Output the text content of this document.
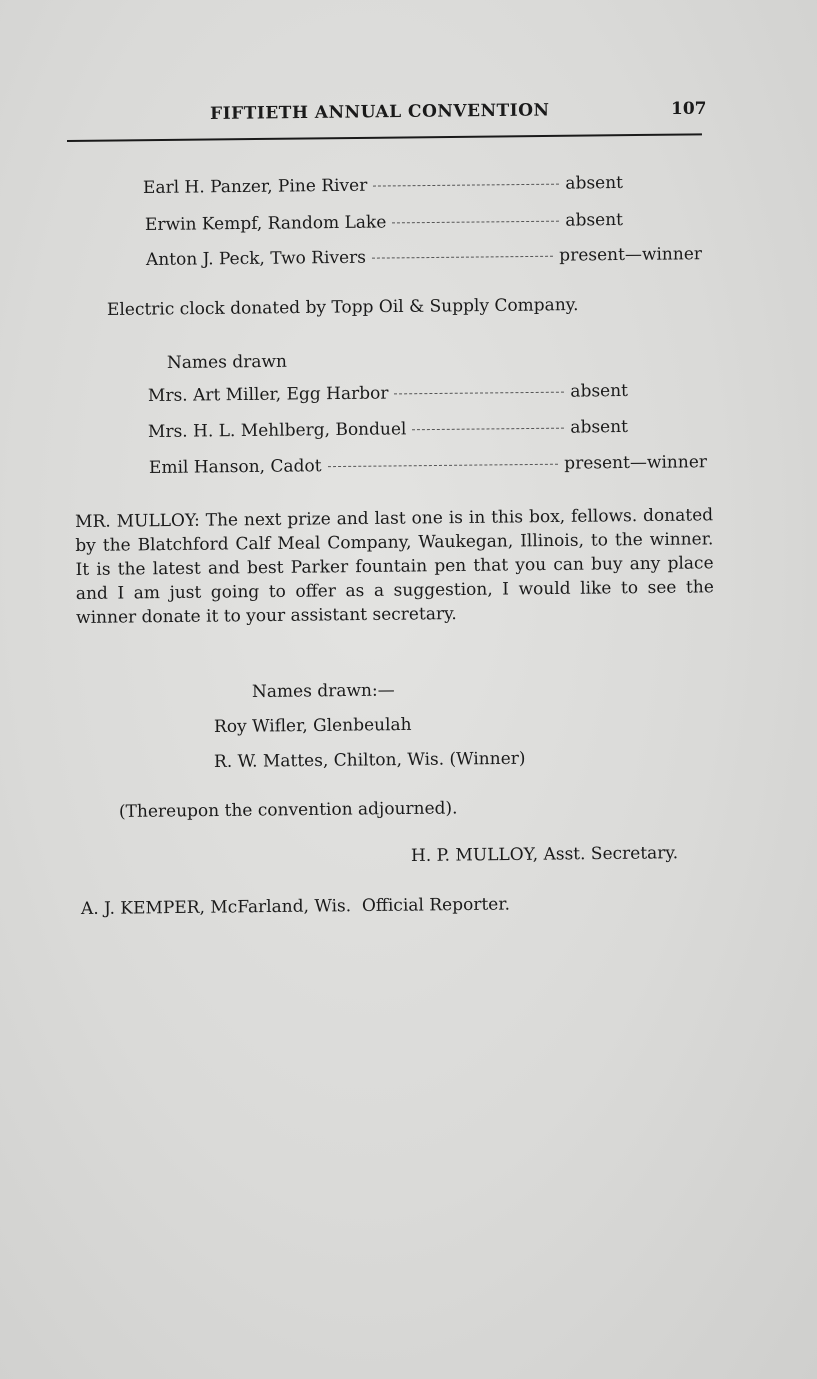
FIFTIETH ANNUAL CONVENTION	107
Earl H. Panzer, Pine River	absent
Erwin Kempf, Random Lake	absent
Anton J. Peck, Two Rivers	present—winner
Electric clock donated by Topp Oil & Supply Company.
Names drawn
Mrs. Art Miller, Egg Harbor	absent
Mrs. H. L. Mehlberg, Bonduel	absent
Emil Hanson, Cadot	present—winner
MR. MULLOY: The next prize and last one is in this box, fellows. donated by the Blatchford Calf Meal Company, Waukegan, Illinois, to the winner. It is the latest and best Parker fountain pen that you can buy any place and I am just going to offer as a suggestion, I would like to see the winner donate it to your assistant secretary.
Names drawn:—
Roy Wifler, Glenbeulah
R. W. Mattes, Chilton, Wis. (Winner)
(Thereupon the convention adjourned).
H. P. MULLOY, Asst. Secretary.
A. J. KEMPER, McFarland, Wis.  Official Reporter.
